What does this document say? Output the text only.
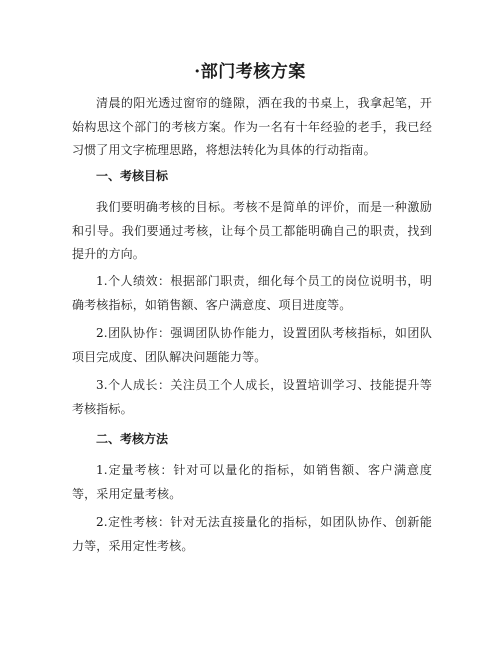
·部门考核方案

清晨的阳光透过窗帘的缝隙，洒在我的书桌上，我拿起笔，开始构思这个部门的考核方案。作为一名有十年经验的老手，我已经习惯了用文字梳理思路，将想法转化为具体的行动指南。

一、考核目标

我们要明确考核的目标。考核不是简单的评价，而是一种激励和引导。我们要通过考核，让每个员工都能明确自己的职责，找到提升的方向。

1.个人绩效：根据部门职责，细化每个员工的岗位说明书，明确考核指标，如销售额、客户满意度、项目进度等。

2.团队协作：强调团队协作能力，设置团队考核指标，如团队项目完成度、团队解决问题能力等。

3.个人成长：关注员工个人成长，设置培训学习、技能提升等考核指标。

二、考核方法

1.定量考核：针对可以量化的指标，如销售额、客户满意度等，采用定量考核。

2.定性考核：针对无法直接量化的指标，如团队协作、创新能力等，采用定性考核。
